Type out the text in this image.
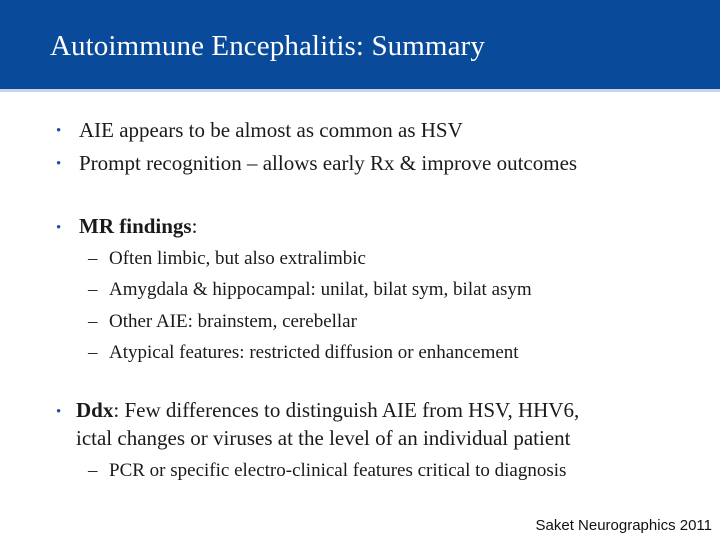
Autoimmune Encephalitis: Summary
• AIE appears to be almost as common as HSV
• Prompt recognition – allows early Rx & improve outcomes
• MR findings:
– Often limbic, but also extralimbic
– Amygdala & hippocampal: unilat, bilat sym, bilat asym
– Other AIE: brainstem, cerebellar
– Atypical features: restricted diffusion or enhancement
• Ddx: Few differences to distinguish AIE from HSV, HHV6,
ictal changes or viruses at the level of an individual patient
– PCR or specific electro-clinical features critical to diagnosis
Saket Neurographics 2011
